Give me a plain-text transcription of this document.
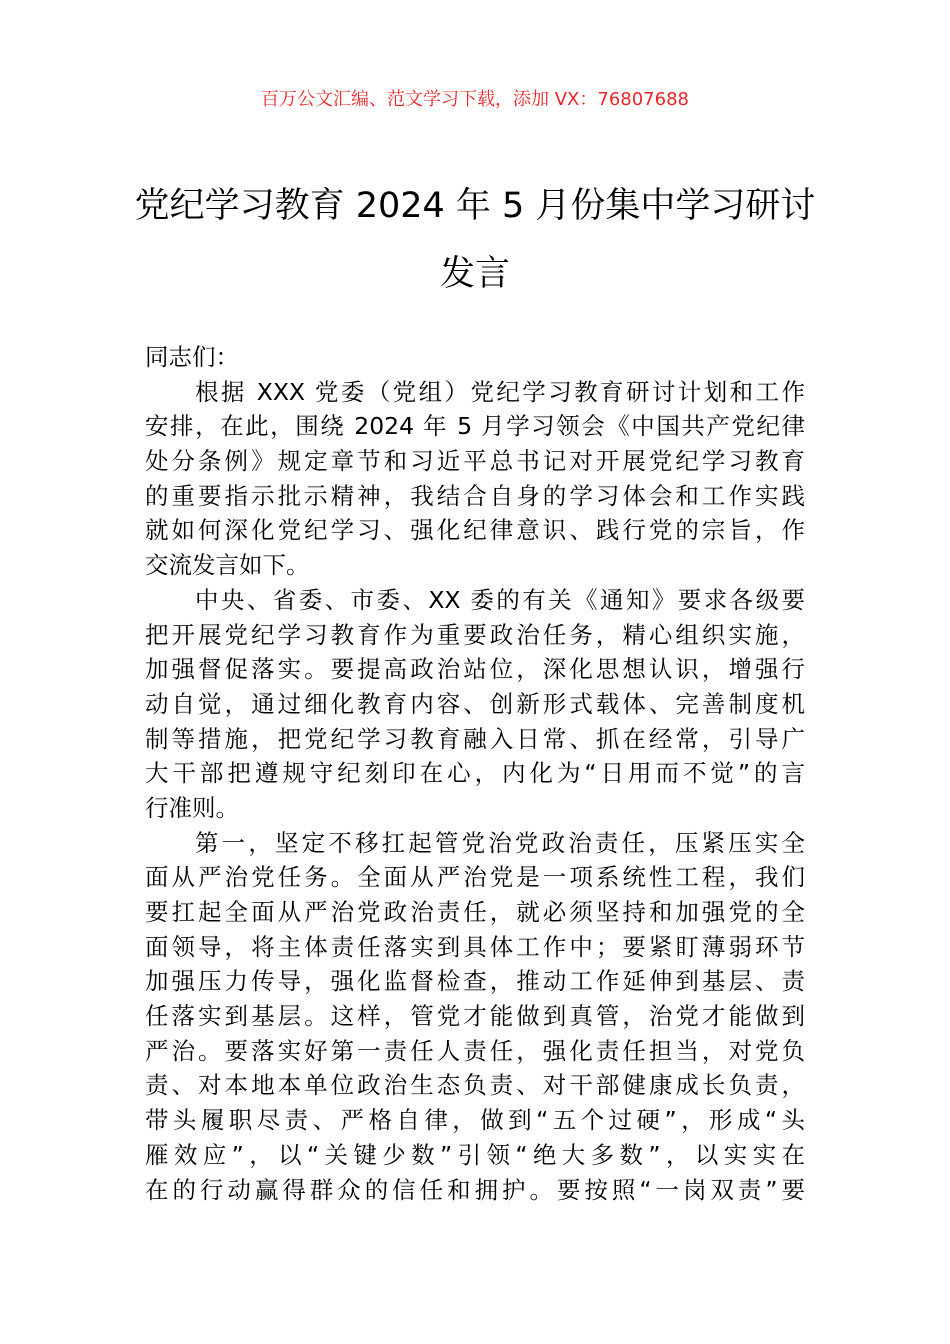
百万公文汇编、范文学习下载，添加 VX：76807688
党纪学习教育 2024 年 5 月份集中学习研讨
发言
同志们：
根据 XXX 党委（党组）党纪学习教育研讨计划和工作
安排，在此，围绕 2024 年 5 月学习领会《中国共产党纪律
处分条例》规定章节和习近平总书记对开展党纪学习教育
的重要指示批示精神，我结合自身的学习体会和工作实践
就如何深化党纪学习、强化纪律意识、践行党的宗旨，作
交流发言如下。
中央、省委、市委、XX 委的有关《通知》要求各级要
把开展党纪学习教育作为重要政治任务，精心组织实施，
加强督促落实。要提高政治站位，深化思想认识，增强行
动自觉，通过细化教育内容、创新形式载体、完善制度机
制等措施，把党纪学习教育融入日常、抓在经常，引导广
大干部把遵规守纪刻印在心，内化为“日用而不觉”的言
行准则。
第一，坚定不移扛起管党治党政治责任，压紧压实全
面从严治党任务。全面从严治党是一项系统性工程，我们
要扛起全面从严治党政治责任，就必须坚持和加强党的全
面领导，将主体责任落实到具体工作中；要紧盯薄弱环节
加强压力传导，强化监督检查，推动工作延伸到基层、责
任落实到基层。这样，管党才能做到真管，治党才能做到
严治。要落实好第一责任人责任，强化责任担当，对党负
责、对本地本单位政治生态负责、对干部健康成长负责，
带头履职尽责、严格自律，做到“五个过硬”，形成“头
雁效应”，以“关键少数”引领“绝大多数”，以实实在
在的行动赢得群众的信任和拥护。要按照“一岗双责”要
